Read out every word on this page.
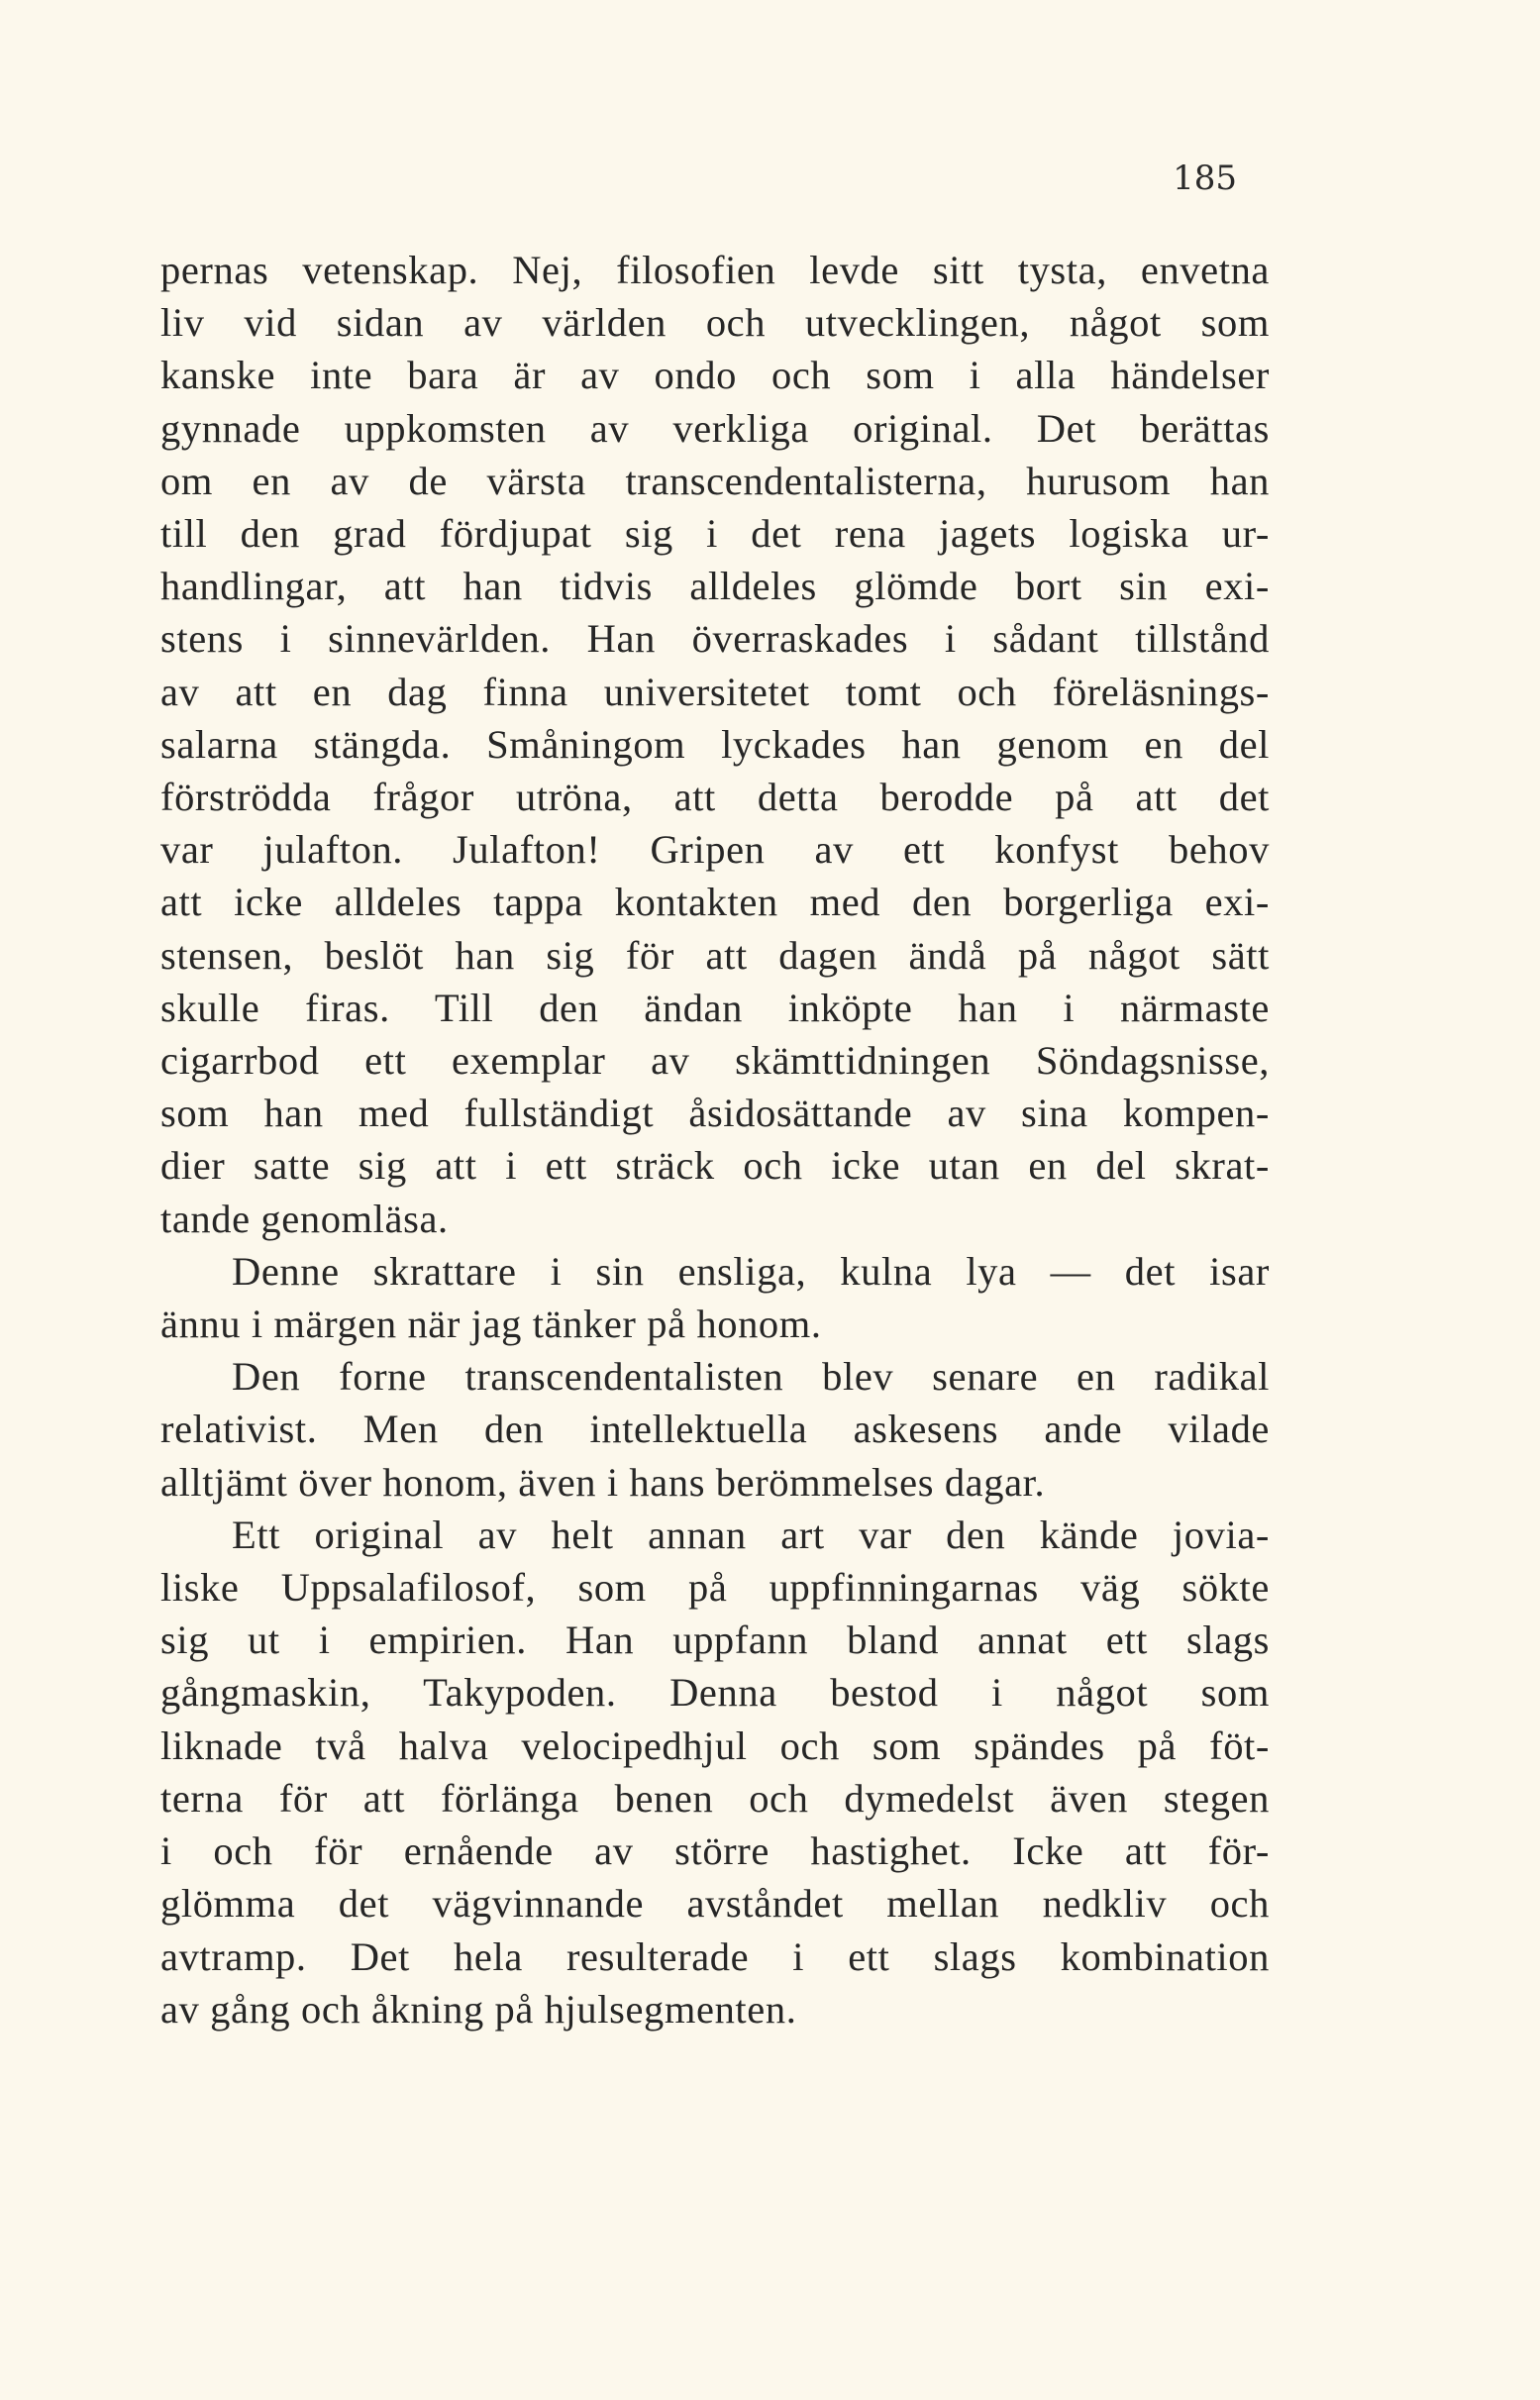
185
pernas vetenskap. Nej, filosofien levde sitt tysta, envetna
liv vid sidan av världen och utvecklingen, något som
kanske inte bara är av ondo och som i alla händelser
gynnade uppkomsten av verkliga original. Det berättas
om en av de värsta transcendentalisterna, hurusom han
till den grad fördjupat sig i det rena jagets logiska ur-
handlingar, att han tidvis alldeles glömde bort sin exi-
stens i sinnevärlden. Han överraskades i sådant tillstånd
av att en dag finna universitetet tomt och föreläsnings-
salarna stängda. Småningom lyckades han genom en del
förströdda frågor utröna, att detta berodde på att det
var julafton. Julafton! Gripen av ett konfyst behov
att icke alldeles tappa kontakten med den borgerliga exi-
stensen, beslöt han sig för att dagen ändå på något sätt
skulle firas. Till den ändan inköpte han i närmaste
cigarrbod ett exemplar av skämttidningen Söndagsnisse,
som han med fullständigt åsidosättande av sina kompen-
dier satte sig att i ett sträck och icke utan en del skrat-
tande genomläsa.
Denne skrattare i sin ensliga, kulna lya — det isar
ännu i märgen när jag tänker på honom.
Den forne transcendentalisten blev senare en radikal
relativist. Men den intellektuella askesens ande vilade
alltjämt över honom, även i hans berömmelses dagar.
Ett original av helt annan art var den kände jovia-
liske Uppsalafilosof, som på uppfinningarnas väg sökte
sig ut i empirien. Han uppfann bland annat ett slags
gångmaskin, Takypoden. Denna bestod i något som
liknade två halva velocipedhjul och som spändes på föt-
terna för att förlänga benen och dymedelst även stegen
i och för ernående av större hastighet. Icke att för-
glömma det vägvinnande avståndet mellan nedkliv och
avtramp. Det hela resulterade i ett slags kombination
av gång och åkning på hjulsegmenten.
